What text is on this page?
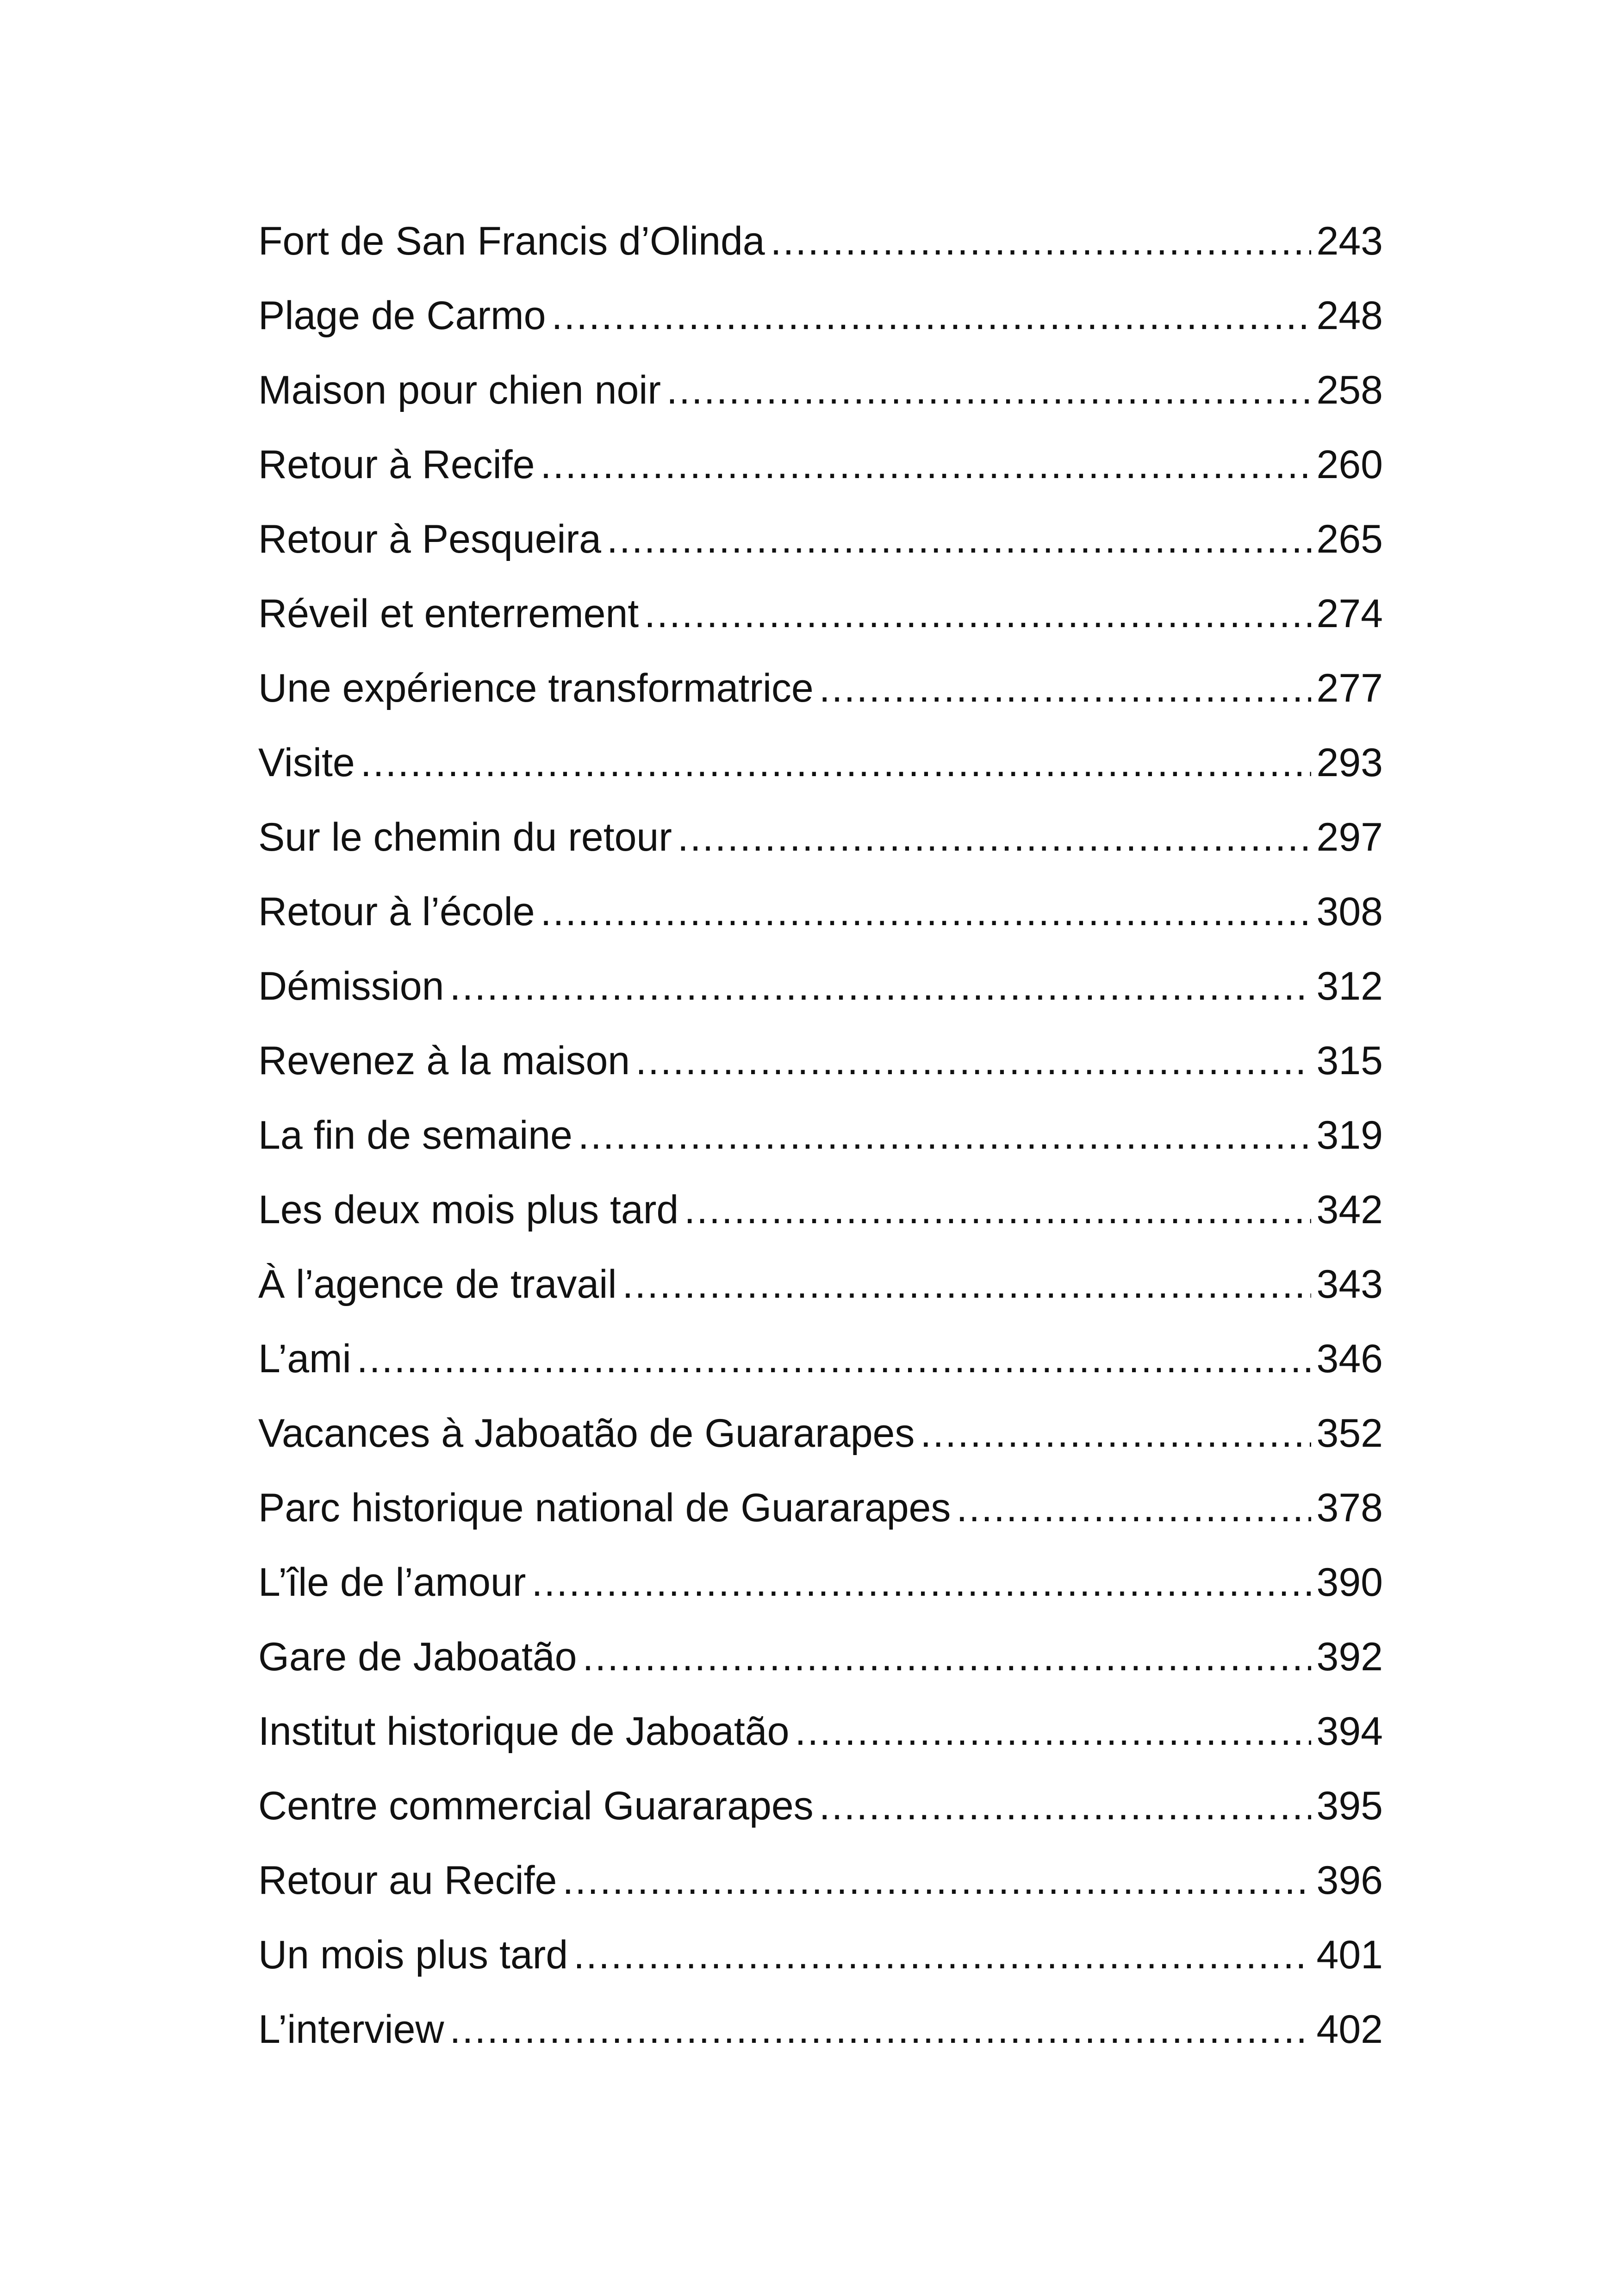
Fort de San Francis d’Olinda .....	243
Plage de Carmo .....	248
Maison pour chien noir .....	258
Retour à Recife .....	260
Retour à Pesqueira .....	265
Réveil et enterrement .....	274
Une expérience transformatrice .....	277
Visite .....	293
Sur le chemin du retour .....	297
Retour à l’école .....	308
Démission .....	312
Revenez à la maison .....	315
La fin de semaine .....	319
Les deux mois plus tard .....	342
À l’agence de travail .....	343
L’ami .....	346
Vacances à Jaboatão de Guararapes .....	352
Parc historique national de Guararapes .....	378
L’île de l’amour .....	390
Gare de Jaboatão .....	392
Institut historique de Jaboatão .....	394
Centre commercial Guararapes .....	395
Retour au Recife .....	396
Un mois plus tard .....	401
L’interview .....	402
